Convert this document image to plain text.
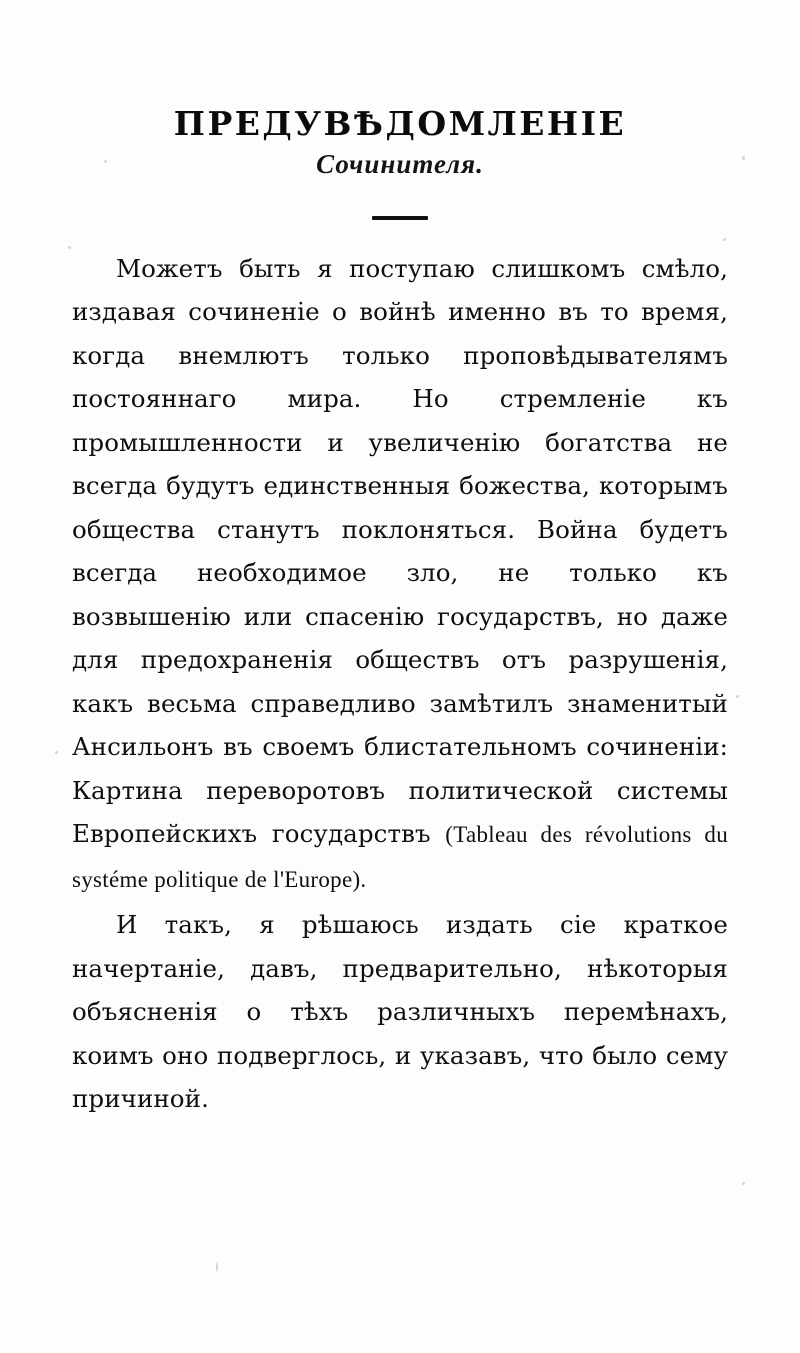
ПРЕДУВѢДОМЛЕНІЕ
Сочинителя.

Можетъ быть я поступаю слишкомъ смѣло, издавая сочиненіе о войнѣ именно въ то время, когда внемлютъ только проповѣдывателямъ постояннаго мира. Но стремленіе къ промышленности и увеличенію богатства не всегда будутъ единственныя божества, которымъ общества станутъ поклоняться. Война будетъ всегда необходимое зло, не только къ возвышенію или спасенію государствъ, но даже для предохраненія обществъ отъ разрушенія, какъ весьма справедливо замѣтилъ знаменитый Ансильонъ въ своемъ блистательномъ сочиненіи: Картина переворотовъ политической системы Европейскихъ государствъ (Tableau des révolutions du systéme politique de l'Europe).

И такъ, я рѣшаюсь издать сіе краткое начертаніе, давъ, предварительно, нѣкоторыя объясненія о тѣхъ различныхъ перемѣнахъ, коимъ оно подверглось, и указавъ, что было сему причиной.
